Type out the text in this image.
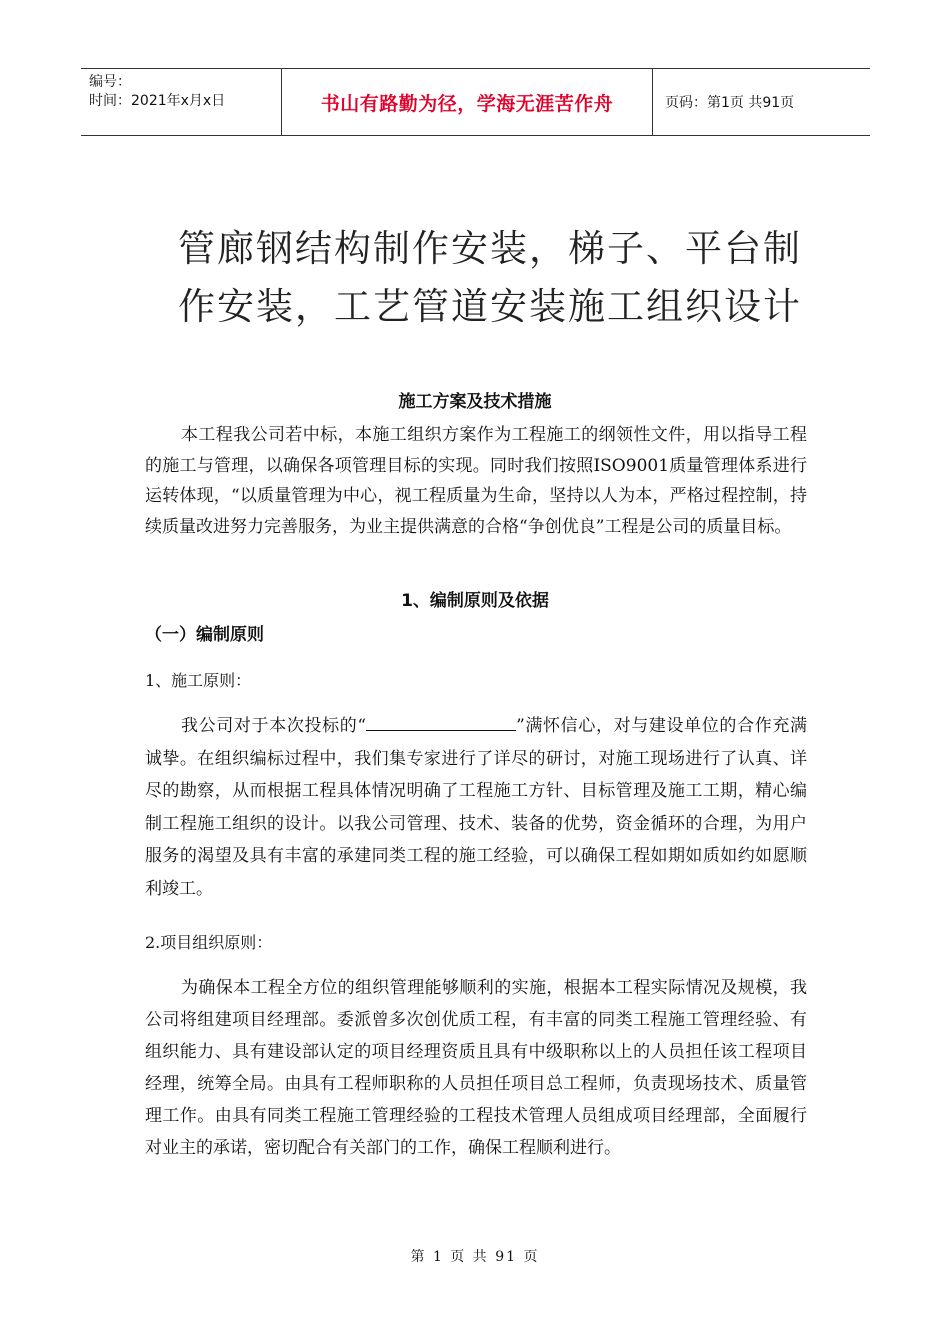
编号：
时间：2021年x月x日	书山有路勤为径，学海无涯苦作舟	页码：第1页 共91页
管廊钢结构制作安装，梯子、平台制
作安装，工艺管道安装施工组织设计
施工方案及技术措施

本工程我公司若中标，本施工组织方案作为工程施工的纲领性文件，用以指导工程的施工与管理，以确保各项管理目标的实现。同时我们按照ISO9001质量管理体系进行运转体现，“以质量管理为中心，视工程质量为生命，坚持以人为本，严格过程控制，持续质量改进努力完善服务，为业主提供满意的合格“争创优良”工程是公司的质量目标。

1、编制原则及依据
（一）编制原则
1、施工原则：

我公司对于本次投标的“	”满怀信心，对与建设单位的合作充满诚挚。在组织编标过程中，我们集专家进行了详尽的研讨，对施工现场进行了认真、详尽的勘察，从而根据工程具体情况明确了工程施工方针、目标管理及施工工期，精心编制工程施工组织的设计。以我公司管理、技术、装备的优势，资金循环的合理，为用户服务的渴望及具有丰富的承建同类工程的施工经验，可以确保工程如期如质如约如愿顺利竣工。

2.项目组织原则：

为确保本工程全方位的组织管理能够顺利的实施，根据本工程实际情况及规模，我公司将组建项目经理部。委派曾多次创优质工程，有丰富的同类工程施工管理经验、有组织能力、具有建设部认定的项目经理资质且具有中级职称以上的人员担任该工程项目经理，统筹全局。由具有工程师职称的人员担任项目总工程师，负责现场技术、质量管理工作。由具有同类工程施工管理经验的工程技术管理人员组成项目经理部，全面履行对业主的承诺，密切配合有关部门的工作，确保工程顺利进行。

第 1 页 共 91 页
